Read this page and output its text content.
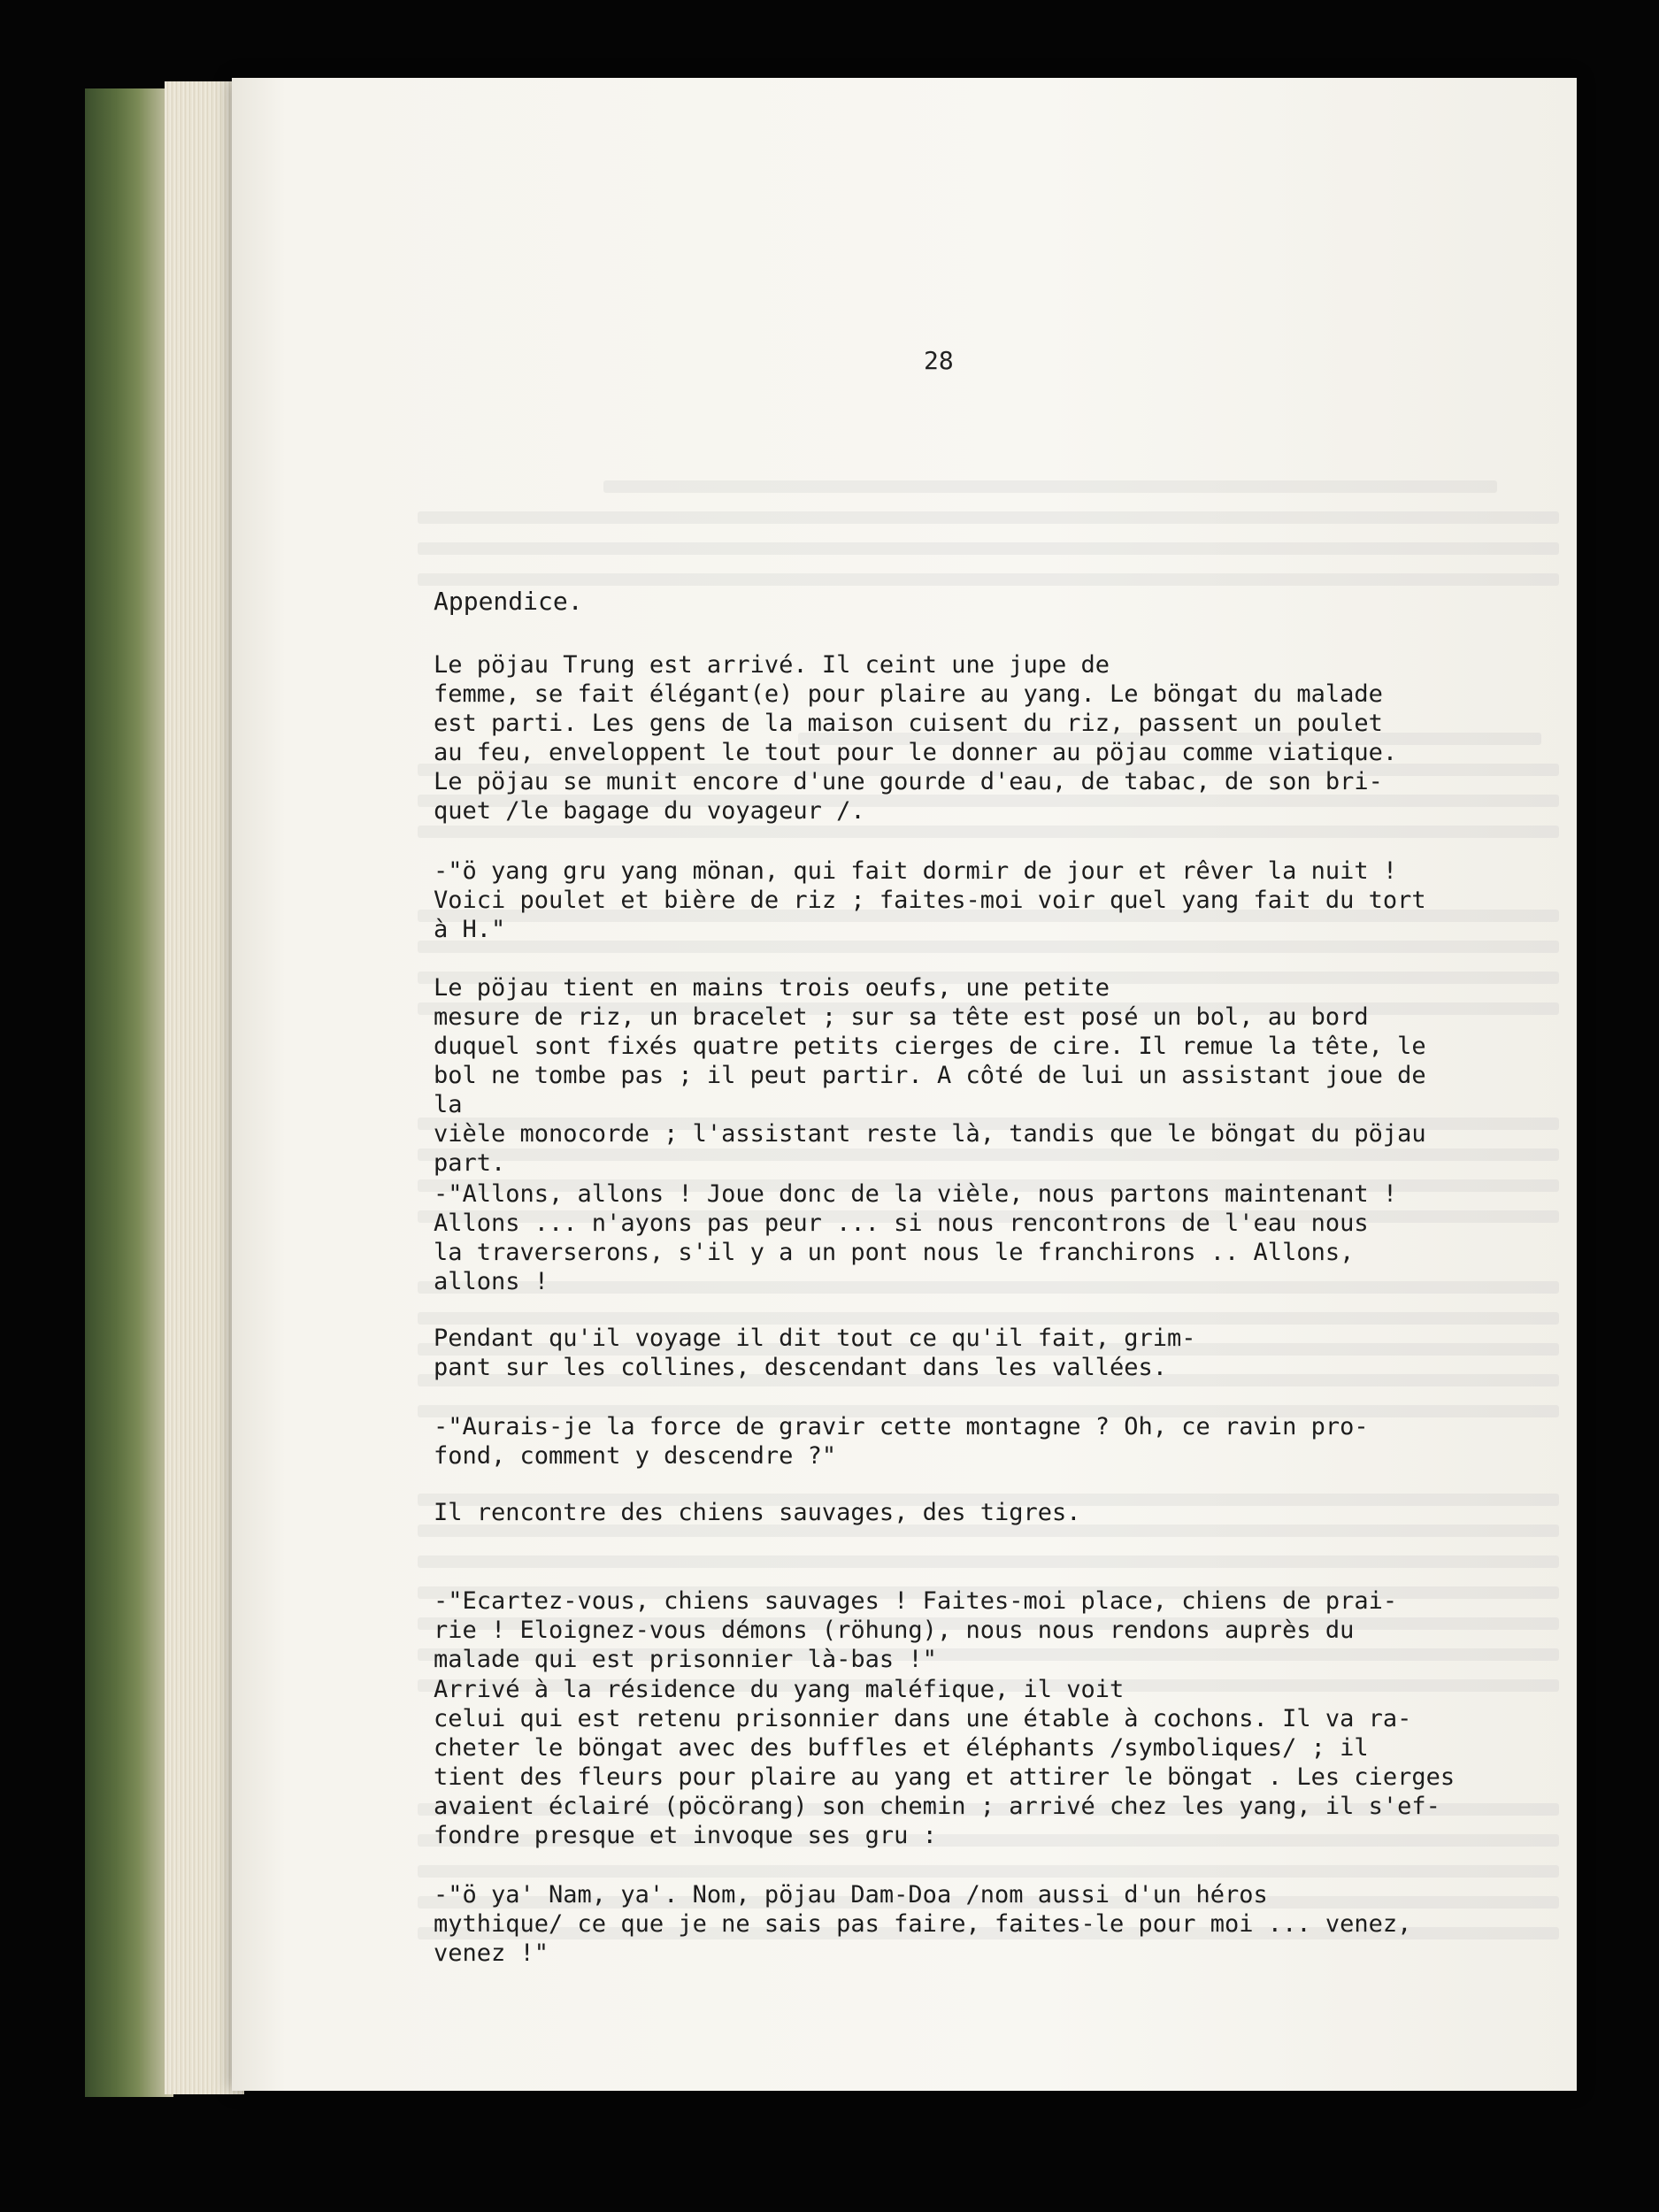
28
Appendice.

Le pöjau Trung est arrivé. Il ceint une jupe de
femme, se fait élégant(e) pour plaire au yang. Le böngat du malade
est parti. Les gens de la maison cuisent du riz, passent un poulet
au feu, enveloppent le tout pour le donner au pöjau comme viatique.
Le pöjau se munit encore d'une gourde d'eau, de tabac, de son bri-
quet /le bagage du voyageur /.

-"ö yang gru yang mönan, qui fait dormir de jour et rêver la nuit !
Voici poulet et bière de riz ; faites-moi voir quel yang fait du tort
à H."

Le pöjau tient en mains trois oeufs, une petite
mesure de riz, un bracelet ; sur sa tête est posé un bol, au bord
duquel sont fixés quatre petits cierges de cire. Il remue la tête, le
bol ne tombe pas ; il peut partir. A côté de lui un assistant joue de la
vièle monocorde ; l'assistant reste là, tandis que le böngat du pöjau
part.

-"Allons, allons ! Joue donc de la vièle, nous partons maintenant !
Allons ... n'ayons pas peur ... si nous rencontrons de l'eau nous
la traverserons, s'il y a un pont nous le franchirons .. Allons,
allons !

Pendant qu'il voyage il dit tout ce qu'il fait, grim-
pant sur les collines, descendant dans les vallées.

-"Aurais-je la force de gravir cette montagne ? Oh, ce ravin pro-
fond, comment y descendre ?"

Il rencontre des chiens sauvages, des tigres.

-"Ecartez-vous, chiens sauvages ! Faites-moi place, chiens de prai-
rie ! Eloignez-vous démons (röhung), nous nous rendons auprès du
malade qui est prisonnier là-bas !"

Arrivé à la résidence du yang maléfique, il voit
celui qui est retenu prisonnier dans une étable à cochons. Il va ra-
cheter le böngat avec des buffles et éléphants /symboliques/ ; il
tient des fleurs pour plaire au yang et attirer le böngat . Les cierges
avaient éclairé (pöcörang) son chemin ; arrivé chez les yang, il s'ef-
fondre presque et invoque ses gru :

-"ö ya' Nam, ya'. Nom, pöjau Dam-Doa /nom aussi d'un héros
mythique/ ce que je ne sais pas faire, faites-le pour moi ... venez,
venez !"
